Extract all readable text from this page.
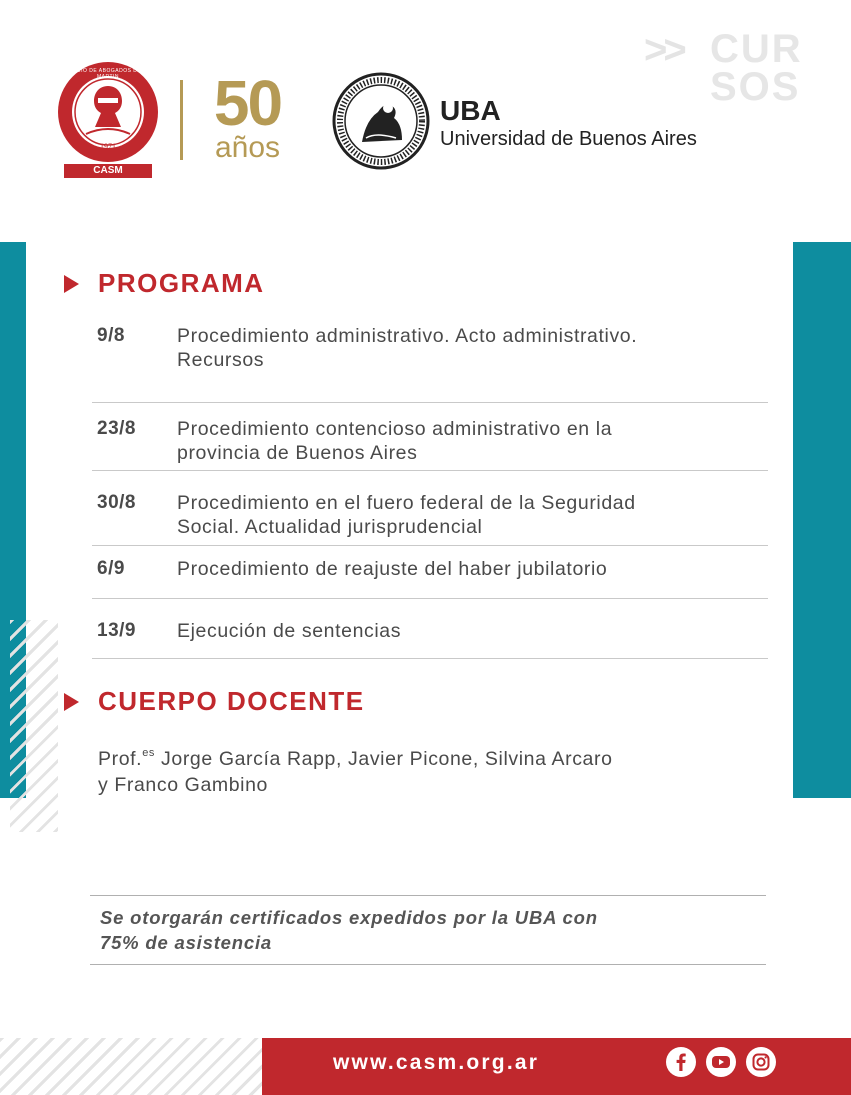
COLEGIO DE ABOGADOS DE SAN MARTIN
1971
CASM
50
años
UBA
Universidad de Buenos Aires
>> CUR
SOS
PROGRAMA
9/8	Procedimiento administrativo. Acto administrativo.
Recursos
23/8 Procedimiento contencioso administrativo en la
provincia de Buenos Aires
30/8 Procedimiento en el fuero federal de la Seguridad
Social. Actualidad jurisprudencial
6/9	Procedimiento de reajuste del haber jubilatorio
13/9 Ejecución de sentencias
CUERPO DOCENTE
Prof.$^{es}$ Jorge García Rapp, Javier Picone, Silvina Arcaro
y Franco Gambino
Se otorgarán certificados expedidos por la UBA con
75% de asistencia
www.casm.org.ar
